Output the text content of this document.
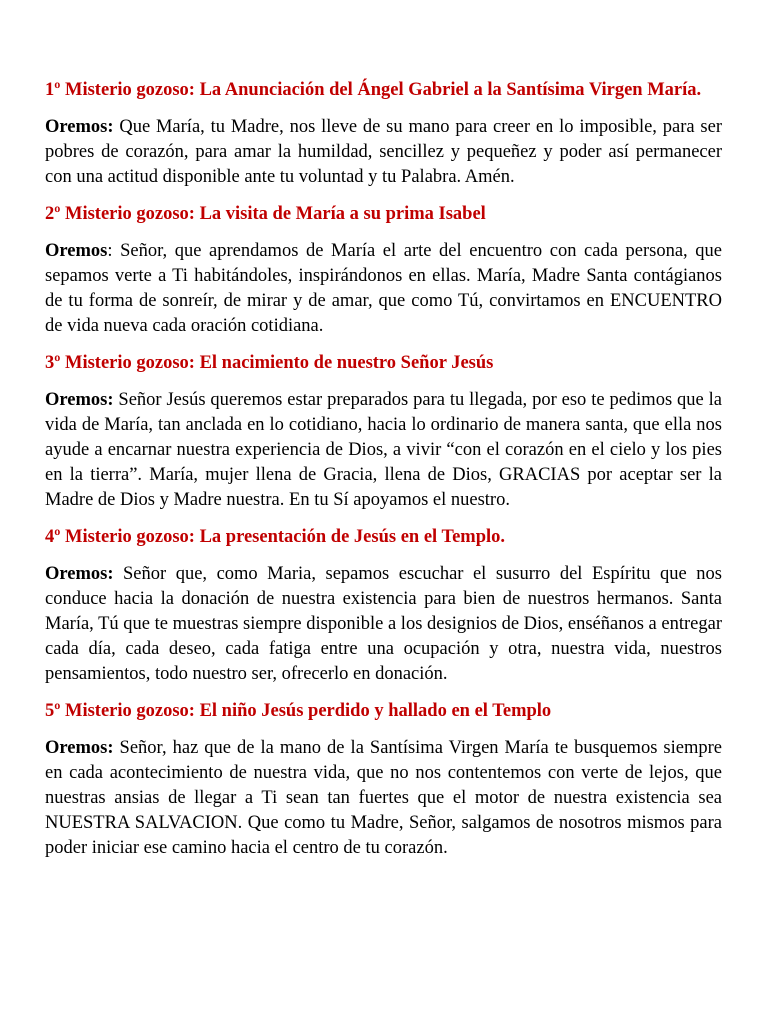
1º Misterio gozoso: La Anunciación del Ángel Gabriel a la Santísima Virgen María.

Oremos: Que María, tu Madre, nos lleve de su mano para creer en lo imposible, para ser pobres de corazón, para amar la humildad, sencillez y pequeñez y poder así permanecer con una actitud disponible ante tu voluntad y tu Palabra. Amén.

2º Misterio gozoso: La visita de María a su prima Isabel

Oremos: Señor, que aprendamos de María el arte del encuentro con cada persona, que sepamos verte a Ti habitándoles, inspirándonos en ellas. María, Madre Santa contágianos de tu forma de sonreír, de mirar y de amar, que como Tú, convirtamos en ENCUENTRO de vida nueva cada oración cotidiana.

3º Misterio gozoso: El nacimiento de nuestro Señor Jesús

Oremos: Señor Jesús queremos estar preparados para tu llegada, por eso te pedimos que la vida de María, tan anclada en lo cotidiano, hacia lo ordinario de manera santa, que ella nos ayude a encarnar nuestra experiencia de Dios, a vivir “con el corazón en el cielo y los pies en la tierra”. María, mujer llena de Gracia, llena de Dios, GRACIAS por aceptar ser la Madre de Dios y Madre nuestra. En tu Sí apoyamos el nuestro.

4º Misterio gozoso: La presentación de Jesús en el Templo.

Oremos: Señor que, como Maria, sepamos escuchar el susurro del Espíritu que nos conduce hacia la donación de nuestra existencia para bien de nuestros hermanos. Santa María, Tú que te muestras siempre disponible a los designios de Dios, enséñanos a entregar cada día, cada deseo, cada fatiga entre una ocupación y otra, nuestra vida, nuestros pensamientos, todo nuestro ser, ofrecerlo en donación.

5º Misterio gozoso: El niño Jesús perdido y hallado en el Templo

Oremos: Señor, haz que de la mano de la Santísima Virgen María te busquemos siempre en cada acontecimiento de nuestra vida, que no nos contentemos con verte de lejos, que nuestras ansias de llegar a Ti sean tan fuertes que el motor de nuestra existencia sea NUESTRA SALVACION. Que como tu Madre, Señor, salgamos de nosotros mismos para poder iniciar ese camino hacia el centro de tu corazón.
